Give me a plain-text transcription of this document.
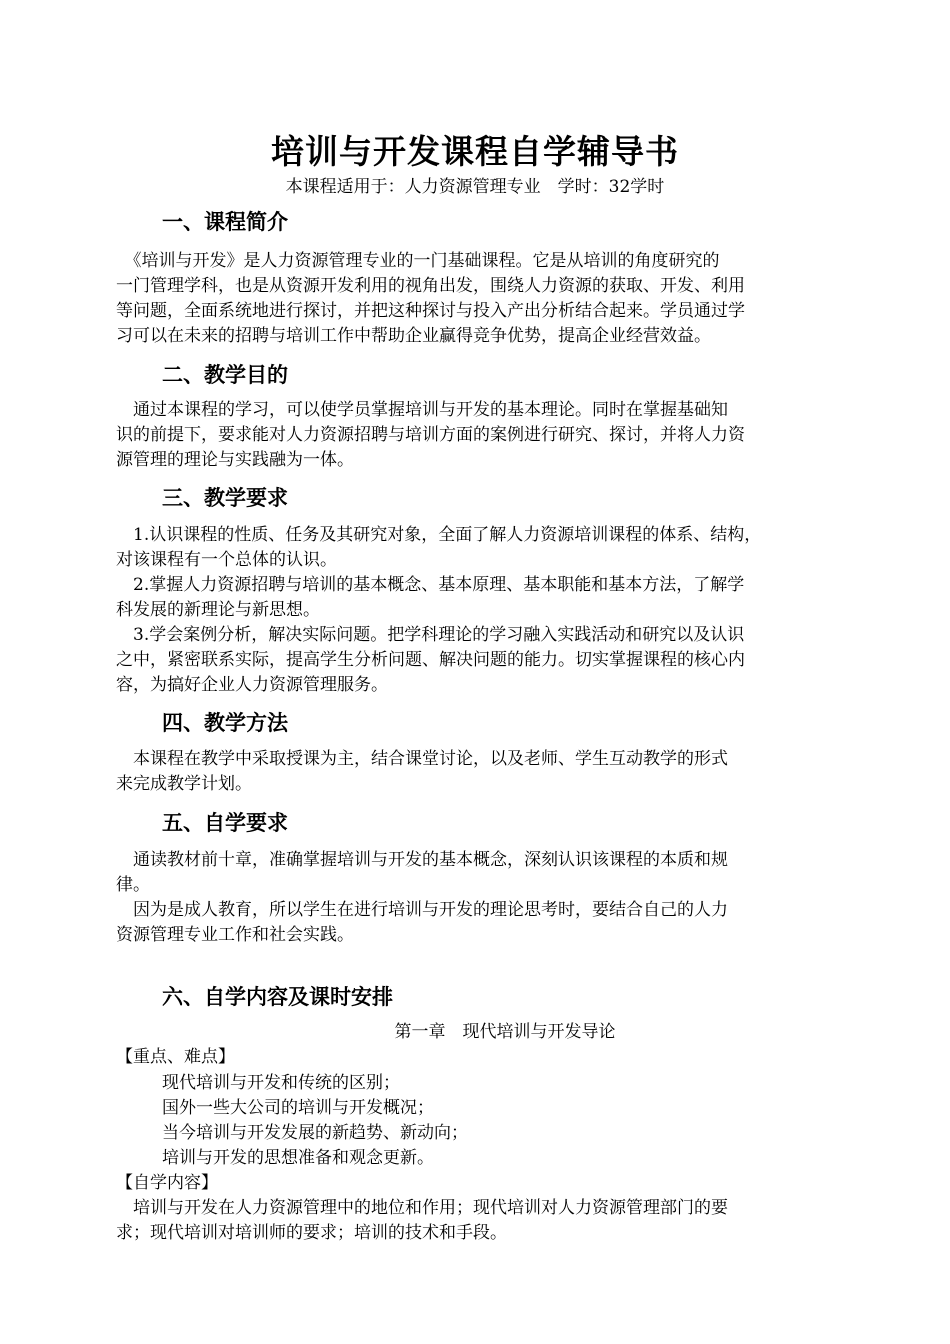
培训与开发课程自学辅导书
本课程适用于：人力资源管理专业　学时：32学时
一、课程简介
　《培训与开发》是人力资源管理专业的一门基础课程。它是从培训的角度研究的
一门管理学科，也是从资源开发利用的视角出发，围绕人力资源的获取、开发、利用
等问题，全面系统地进行探讨，并把这种探讨与投入产出分析结合起来。学员通过学
习可以在未来的招聘与培训工作中帮助企业赢得竞争优势，提高企业经营效益。
二、教学目的
　通过本课程的学习，可以使学员掌握培训与开发的基本理论。同时在掌握基础知
识的前提下，要求能对人力资源招聘与培训方面的案例进行研究、探讨，并将人力资
源管理的理论与实践融为一体。
三、教学要求
　1.认识课程的性质、任务及其研究对象，全面了解人力资源培训课程的体系、结构，
对该课程有一个总体的认识。
　2.掌握人力资源招聘与培训的基本概念、基本原理、基本职能和基本方法，了解学
科发展的新理论与新思想。
　3.学会案例分析，解决实际问题。把学科理论的学习融入实践活动和研究以及认识
之中，紧密联系实际，提高学生分析问题、解决问题的能力。切实掌握课程的核心内
容，为搞好企业人力资源管理服务。
四、教学方法
　本课程在教学中采取授课为主，结合课堂讨论，以及老师、学生互动教学的形式
来完成教学计划。
五、自学要求
　通读教材前十章，准确掌握培训与开发的基本概念，深刻认识该课程的本质和规
律。
　因为是成人教育，所以学生在进行培训与开发的理论思考时，要结合自己的人力
资源管理专业工作和社会实践。
六、自学内容及课时安排
第一章　现代培训与开发导论
【重点、难点】
现代培训与开发和传统的区别；
国外一些大公司的培训与开发概况；
当今培训与开发发展的新趋势、新动向；
培训与开发的思想准备和观念更新。
【自学内容】
　培训与开发在人力资源管理中的地位和作用；现代培训对人力资源管理部门的要
求；现代培训对培训师的要求；培训的技术和手段。
